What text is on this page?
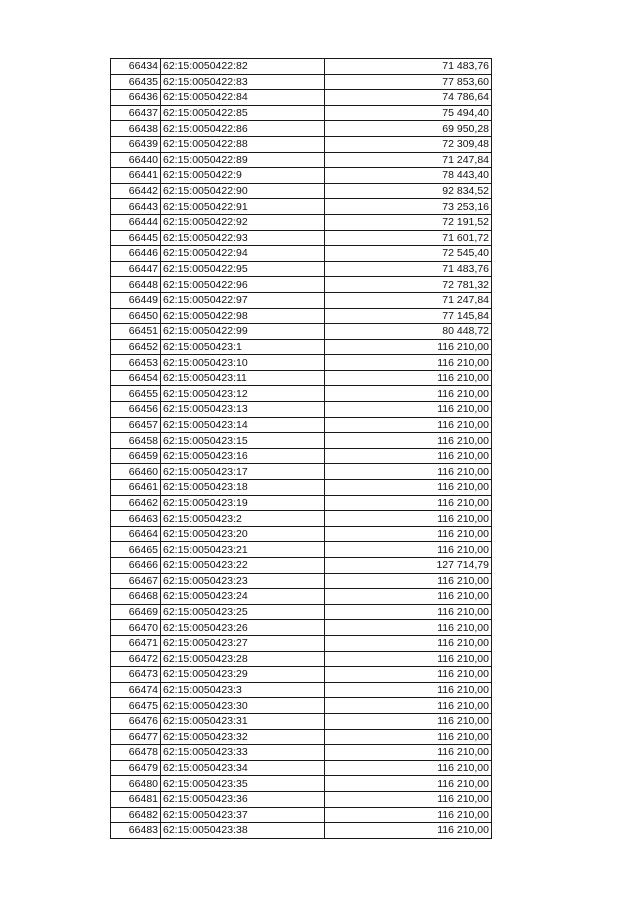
66434	62:15:0050422:82	71 483,76
66435	62:15:0050422:83	77 853,60
66436	62:15:0050422:84	74 786,64
66437	62:15:0050422:85	75 494,40
66438	62:15:0050422:86	69 950,28
66439	62:15:0050422:88	72 309,48
66440	62:15:0050422:89	71 247,84
66441	62:15:0050422:9	78 443,40
66442	62:15:0050422:90	92 834,52
66443	62:15:0050422:91	73 253,16
66444	62:15:0050422:92	72 191,52
66445	62:15:0050422:93	71 601,72
66446	62:15:0050422:94	72 545,40
66447	62:15:0050422:95	71 483,76
66448	62:15:0050422:96	72 781,32
66449	62:15:0050422:97	71 247,84
66450	62:15:0050422:98	77 145,84
66451	62:15:0050422:99	80 448,72
66452	62:15:0050423:1	116 210,00
66453	62:15:0050423:10	116 210,00
66454	62:15:0050423:11	116 210,00
66455	62:15:0050423:12	116 210,00
66456	62:15:0050423:13	116 210,00
66457	62:15:0050423:14	116 210,00
66458	62:15:0050423:15	116 210,00
66459	62:15:0050423:16	116 210,00
66460	62:15:0050423:17	116 210,00
66461	62:15:0050423:18	116 210,00
66462	62:15:0050423:19	116 210,00
66463	62:15:0050423:2	116 210,00
66464	62:15:0050423:20	116 210,00
66465	62:15:0050423:21	116 210,00
66466	62:15:0050423:22	127 714,79
66467	62:15:0050423:23	116 210,00
66468	62:15:0050423:24	116 210,00
66469	62:15:0050423:25	116 210,00
66470	62:15:0050423:26	116 210,00
66471	62:15:0050423:27	116 210,00
66472	62:15:0050423:28	116 210,00
66473	62:15:0050423:29	116 210,00
66474	62:15:0050423:3	116 210,00
66475	62:15:0050423:30	116 210,00
66476	62:15:0050423:31	116 210,00
66477	62:15:0050423:32	116 210,00
66478	62:15:0050423:33	116 210,00
66479	62:15:0050423:34	116 210,00
66480	62:15:0050423:35	116 210,00
66481	62:15:0050423:36	116 210,00
66482	62:15:0050423:37	116 210,00
66483	62:15:0050423:38	116 210,00
